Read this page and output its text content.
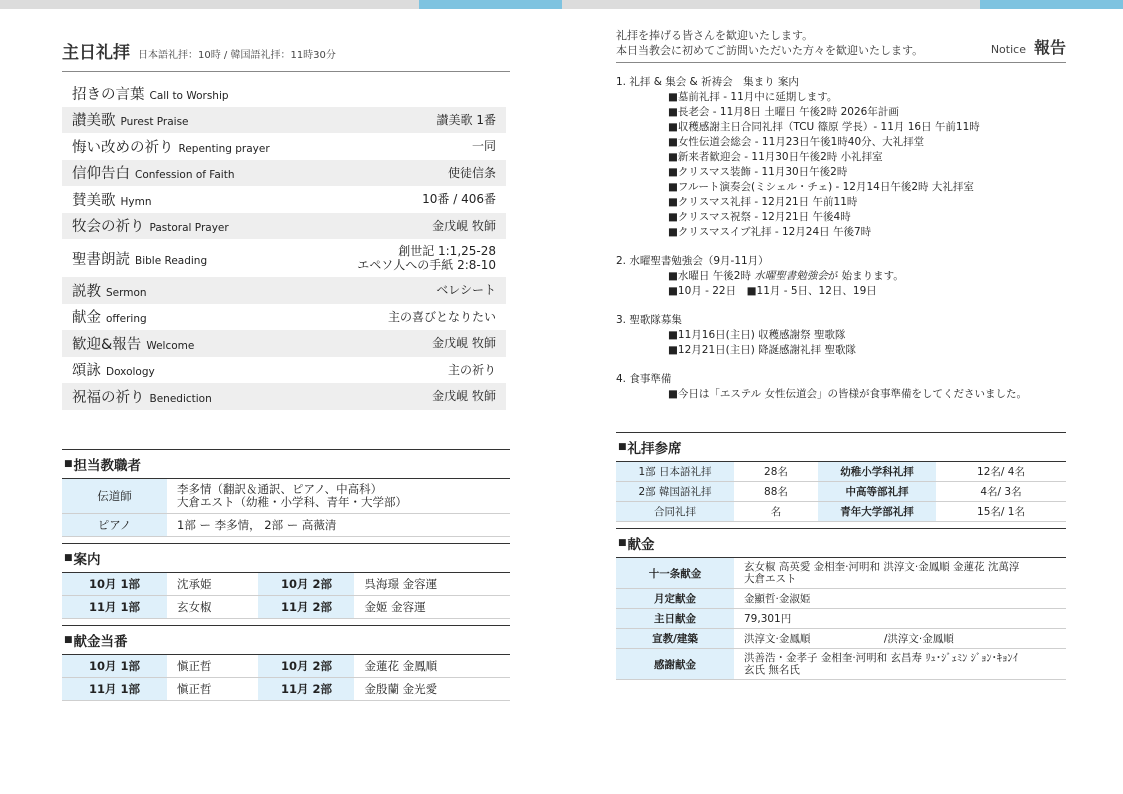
主日礼拝 日本語礼拝：10時 / 韓国語礼拝：11時30分
招きの言葉 Call to Worship
讃美歌 Purest Praise	讃美歌 1番
悔い改めの祈り Repenting prayer	一同
信仰告白 Confession of Faith	使徒信条
賛美歌 Hymn	10番 / 406番
牧会の祈り Pastoral Prayer	金戊峴 牧師
聖書朗読 Bible Reading
創世記 1:1,25-28
エペソ人への手紙 2:8-10
説教 Sermon	ベレシート
献金 offering	主の喜びとなりたい
歓迎&報告 Welcome	金戊峴 牧師
頌詠 Doxology	主の祈り
祝福の祈り Benediction	金戊峴 牧師
■ 担当教職者
伝道師	李多情（翻訳＆通訳、ピアノ、中高科）
大倉エスト（幼稚・小学科、青年・大学部）
ピアノ	1部 ー 李多情， 2部 ー 高薇清
■ 案内
10月 1部	沈承姫	10月 2部	呉海璟 金容運
11月 1部	玄女椒	11月 2部	金姬 金容運
■ 献金当番
10月 1部	愼正哲	10月 2部	金蓮花 金鳳順
11月 1部	愼正哲	11月 2部	金殷蘭 金光愛
礼拝を捧げる皆さんを歓迎いたします。
本日当教会に初めてご訪問いただいた方々を歓迎いたします。	Notice 報告
1. 礼拝 & 集会 & 祈祷会　集まり 案内
■墓前礼拝 - 11月中に延期します。
■長老会 - 11月8日 土曜日 午後2時 2026年計画
■収穫感謝主日合同礼拝（TCU 篠原 学長）- 11月 16日 午前11時
■女性伝道会総会 - 11月23日午後1時40分、大礼拝堂
■新来者歓迎会 - 11月30日午後2時 小礼拝室
■クリスマス装飾 - 11月30日午後2時
■フルート演奏会(ミシェル・チェ) - 12月14日午後2時 大礼拝室
■クリスマス礼拝 - 12月21日 午前11時
■クリスマス祝祭 - 12月21日 午後4時
■クリスマスイブ礼拝 - 12月24日 午後7時
2. 水曜聖書勉強会（9月-11月）
■水曜日 午後2時 水曜聖書勉強会が 始まります。
■10月 - 22日　■11月 - 5日、12日、19日
3. 聖歌隊募集
■11月16日(主日) 収穫感謝祭 聖歌隊
■12月21日(主日) 降誕感謝礼拝 聖歌隊
4. 食事準備
■今日は「エステル 女性伝道会」の皆様が食事準備をしてくださいました。
■ 礼拝参席
1部 日本語礼拝	28名	幼稚小学科礼拝	12名/ 4名
2部 韓国語礼拝	88名	中高等部礼拝	4名/ 3名
合同礼拝	名	青年大学部礼拝	15名/ 1名
■ 献金
十一条献金	玄女椒 高英愛 金相奎·河明和 洪淳文·金鳳順 金蓮花 沈萬淳
大倉エスト
月定献金	金顯哲·金淑姫
主日献金	79,301円
宣教/建築	洪淳文·金鳳順　　　　　　　/洪淳文·金鳳順
感謝献金	洪善浩・金孝子 金相奎·河明和 玄昌寿 ﾘｭ･ｼﾞｪﾐﾝ ｼﾞｮﾝ･ｷｮﾝｲ
玄氏 無名氏
